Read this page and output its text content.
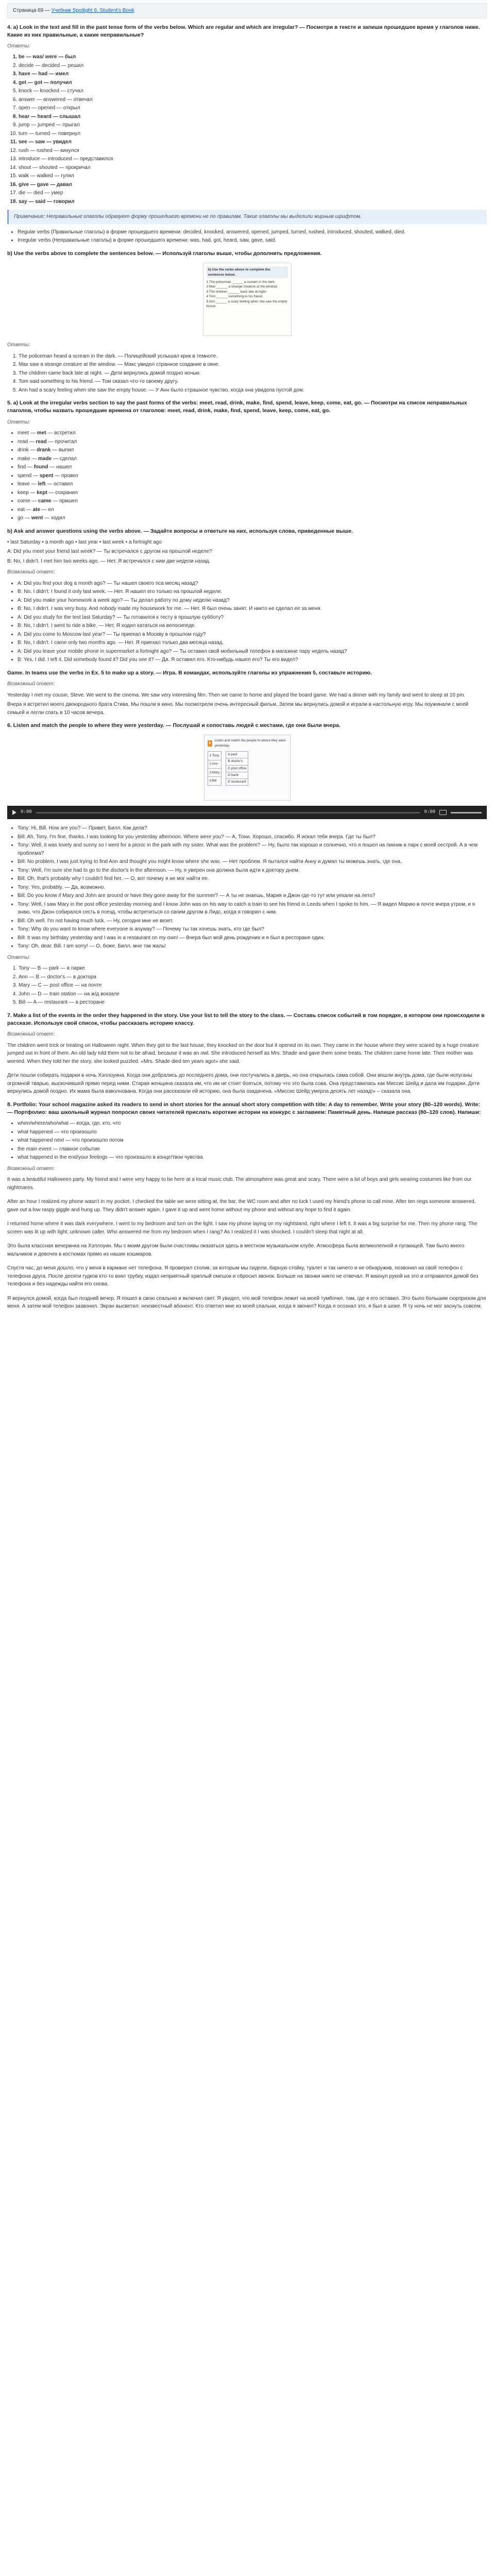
Страница 69 — Учебник Spotlight 6. Student's Book
4. a) Look in the text and fill in the past tense form of the verbs below. Which are regular and which are irregular? — Посмотри в тексте и запиши прошедшее время у глаголов ниже. Какие из них правильные, а какие неправильные?

Ответы:

1. be — was/ were — был
2. decide — decided — решил
3. have — had — имел
4. get — got — получил
5. knock — knocked — стучал
6. answer — answered — отвечал
7. open — opened — открыл
8. hear — heard — слышал
9. jump — jumped — прыгал
10. turn — turned — повернул
11. see — saw — увидел
12. rush — rushed — кинулся
13. introduce — introduced — представился
14. shout — shouted — прокричал
15. walk — walked — гулял
16. give — gave — давал
17. die — died — умер
18. say — said — говорил
Примечание: Неправильные глаголы образуют форму прошедшего времени не по правилам. Такие глаголы мы выделили жирным шрифтом.
• Regular verbs (Правильные глаголы) в форме прошедшего времени: decided, knocked, answered, opened, jumped, turned, rushed, introduced, shouted, walked, died.
• Irregular verbs (Неправильные глаголы) в форме прошедшего времени: was, had, got, heard, saw, gave, said.
b) Use the verbs above to complete the sentences below. — Используй глаголы выше, чтобы дополнить предложения.
b) Use the verbs above to complete the sentences below.
1 The policeman ______ a scream in the dark.
2 Max ______ a strange creature at the window.
3 The children ______ back late at night.
4 Tom ______ something to his friend.
5 Ann ______ a scary feeling when she saw the empty house.

Ответы:

1. The policeman heard a scream in the dark. — Полицейский услышал крик в темноте.
2. Max saw a strange creature at the window. — Макс увидел странное создание в окне.
3. The children came back late at night. — Дети вернулись домой поздно ночью.
4. Tom said something to his friend. — Том сказал что-то своему другу.
5. Ann had a scary feeling when she saw the empty house. — У Анн было страшное чувство, когда она увидела пустой дом.
5. a) Look at the irregular verbs section to say the past forms of the verbs: meet, read, drink, make, find, spend, leave, keep, come, eat, go. — Посмотри на список неправильных глаголов, чтобы назвать прошедшие времена от глаголов: meet, read, drink, make, find, spend, leave, keep, come, eat, go.

Ответы:

• meet — met — встретил
• read — read — прочитал
• drink — drank — выпил
• make — made — сделал
• find — found — нашел
• spend — spent — провел
• leave — left — оставил
• keep — kept — сохранил
• come — came — пришел
• eat — ate — ел
• go — went — ходил
b) Ask and answer questions using the verbs above. — Задайте вопросы и ответьте на них, используя слова, приведенные выше.

• last Saturday • a month ago • last year • last week • a fortnight ago

A: Did you meet your friend last week? — Ты встречался с другом на прошлой неделе?

B: No, I didn't. I met him two weeks ago. — Нет. Я встречался с ним две недели назад.

Возможный ответ:

• A: Did you find your dog a month ago? — Ты нашел своего пса месяц назад?
• B: No, I didn't. I found it only last week. — Нет. Я нашел его только на прошлой неделе.
• A: Did you make your homework a week ago? — Ты делал работу по дому неделю назад?
• B: No, I didn't. I was very busy. And nobody made my housework for me. — Нет. Я был очень занят. И никто не сделал ее за меня.
• A: Did you study for the test last Saturday? — Ты готовился к тесту в прошлую субботу?
• B: No, I didn't. I went to ride a bike. — Нет. Я ходил кататься на велосипеде.
• A: Did you come to Moscow last year? — Ты приехал в Москву в прошлом году?
• B: No, I didn't. I came only two months ago. — Нет. Я приехал только два месяца назад.
• A: Did you leave your mobile phone in supermarket a fortnight ago? — Ты оставил свой мобильный телефон в магазине пару недель назад?
• B: Yes, I did. I left it. Did somebody found it? Did you see it? — Да. Я оставил его. Кто-нибудь нашел его? Ты его видел?
Game. In teams use the verbs in Ex. 5 to make up a story. — Игра. В командах, используйте глаголы из упражнения 5, составьте историю.

Возможный ответ:

Yesterday I met my cousin, Steve. We went to the cinema. We saw very interesting film. Then we came to home and played the board game. We had a dinner with my family and went to sleep at 10 pm.

Вчера я встретил моего двоюродного брата Стива. Мы пошли в кино. Мы посмотрели очень интересный фильм. Затем мы вернулись домой и играли в настольную игру. Мы поужинали с моей семьей и легли спать в 10 часов вечера.

6. Listen and match the people to where they were yesterday. — Послушай и сопоставь людей с местами, где они были вчера.
6
Listen and match the people to where they were yesterday.
1 Tony
2 Ann
3 Mary
4 Bill
A park
B doctor's
C post office
D bank
E restaurant
0:00	0:00
• Tony: Hi, Bill. How are you? — Привет, Билл. Как дела?
• Bill: Ah, Tony. I'm fine, thanks. I was looking for you yesterday afternoon. Where were you? — А, Тони. Хорошо, спасибо. Я искал тебя вчера. Где ты был?
• Tony: Well, it was lovely and sunny so I went for a picnic in the park with my sister. What was the problem? — Ну, было так хорошо и солнечно, что я пошел на пикник в парк с моей сестрой. А в чем проблема?
• Bill: No problem, I was just trying to find Ann and thought you might know where she was. — Нет проблем. Я пытался найти Анну и думал ты можешь знать, где она.
• Tony: Well, I'm sure she had to go to the doctor's in the afternoon. — Ну, я уверен она должна была идти к доктору днем.
• Bill: Oh, that's probably why I couldn't find her. — О, вот почему я не мог найти ее.
• Tony: Yes, probably. — Да, возможно.
• Bill: Do you know if Mary and John are around or have they gone away for the summer? — А ты не знаешь, Мария и Джон где-то тут или уехали на лето?
• Tony: Well, I saw Mary in the post office yesterday morning and I know John was on his way to catch a train to see his friend in Leeds when I spoke to him. — Я видел Марию в почте вчера утром, и я знаю, что Джон собирался сесть в поезд, чтобы встретиться со своим другом в Лидс, когда я говорил с ним.
• Bill: Oh well. I'm not having much luck. — Ну, сегодня мне не везет.
• Tony: Why do you want to know where everyone is anyway? — Почему ты так хочешь знать, кто где был?
• Bill: It was my birthday yesterday and I was in a restaurant on my own! — Вчера был мой день рождения и я был в ресторане один.
• Tony: Oh, dear. Bill. I am sorry! — О, боже, Билл, мне так жаль!

Ответы:

1. Tony — B — park — в парке
2. Ann — B — doctor's — в доктора
3. Mary — C — post office — на почте
4. John — D — train station — на ж/д вокзале
5. Bill — A — restaurant — в ресторане
7. Make a list of the events in the order they happened in the story. Use your list to tell the story to the class. — Составь список событий в том порядке, в котором они происходили в рассказе. Используя свой список, чтобы рассказать историю классу.

Возможный ответ:

The children went trick or treating on Halloween night. When they got to the last house, they knocked on the door but it opened on its own. They came in the house where they were scared by a huge creature jumped out in front of them. An old lady told them not to be afraid, because it was an owl. She introduced herself as Mrs. Shade and gave them some treats. The children came home late. Their mother was worried. When they told her the story, she looked puzzled. «Mrs. Shade died ten years ago!» she said.

Дети пошли собирать подарки в ночь Хэллоуина. Когда они добрались до последнего дома, они постучались в дверь, но она открылась сама собой. Они вошли внутрь дома, где были испуганы огромной тварью, выскочившей прямо перед ними. Старая женщина сказала им, что им не стоит бояться, потому что это была сова. Она представилась как Миссис Шейд и дала им подарки. Дети вернулись домой поздно. Их мама была взволнована. Когда они рассказали ей историю, она была озадачена. «Миссис Шейд умерла десять лет назад!» – сказала она.

8. Portfolio: Your school magazine asked its readers to send in short stories for the annual short story competition with title: A day to remember. Write your story (80–120 words). Write: — Портфолио: ваш школьный журнал попросил своих читателей прислать короткие истории на конкурс с заглавием: Памятный день. Напиши рассказ (80–120 слов). Напиши:
• when/where/who/what — когда, где, кто, что
• what happened — что произошло
• what happened next — что произошло потом
• the main event — главное событие
• what happened in the end/your feelings — что произошло в конце/твои чувства

Возможный ответ:

It was a beautiful Halloween party. My friend and I were very happy to be here at a local music club. The atmosphere was great and scary. There were a lot of boys and girls wearing costumes like from our nightmares.

After an hour I realized my phone wasn't in my pocket. I checked the table we were sitting at, the bar, the WC room and after no luck I used my friend's phone to call mine. After ten rings someone answered, gave out a low raspy giggle and hung up. They didn't answer again. I gave it up and went home without my phone and without any hope to find it again.

I returned home where it was dark everywhere. I went to my bedroom and turn on the light. I saw my phone laying on my nightstand, right where I left it. It was a big surprise for me. Then my phone rang. The screen was lit up with light: unknown caller. Who answered me from my bedroom when I rang? As I realized it I was shocked. I couldn't sleep that night at all.

Это была классная вечеринка на Хэллоуин. Мы с моим другом были счастливы оказаться здесь в местном музыкальном клубе. Атмосфера была великолепной и пугающей. Там было много мальчиков и девочек в костюмах прямо из наших кошмаров.

Спустя час, до меня дошло, что у меня в кармане нет телефона. Я проверил столик, за которым мы сидели, барную стойку, туалет и так ничего и не обнаружив, позвонил на свой телефон с телефона друга. После десяти гудков кто-то взял трубку, издал неприятный хриплый смешок и сбросил звонок. Больше на звонки никто не отвечал. Я махнул рукой на это и отправился домой без телефона и без надежды найти его снова.

Я вернулся домой, когда был поздний вечер. Я пошел в свою спальню и включил свет. Я увидел, что мой телефон лежит на моей тумбочке, там, где я его оставил. Это было большим сюрпризом для меня. А затем мой телефон зазвонил. Экран высветил: неизвестный абонент. Кто ответил мне из моей спальни, когда я звонил? Когда я осознал это, я был в шоке. Я ту ночь не мог заснуть совсем.
